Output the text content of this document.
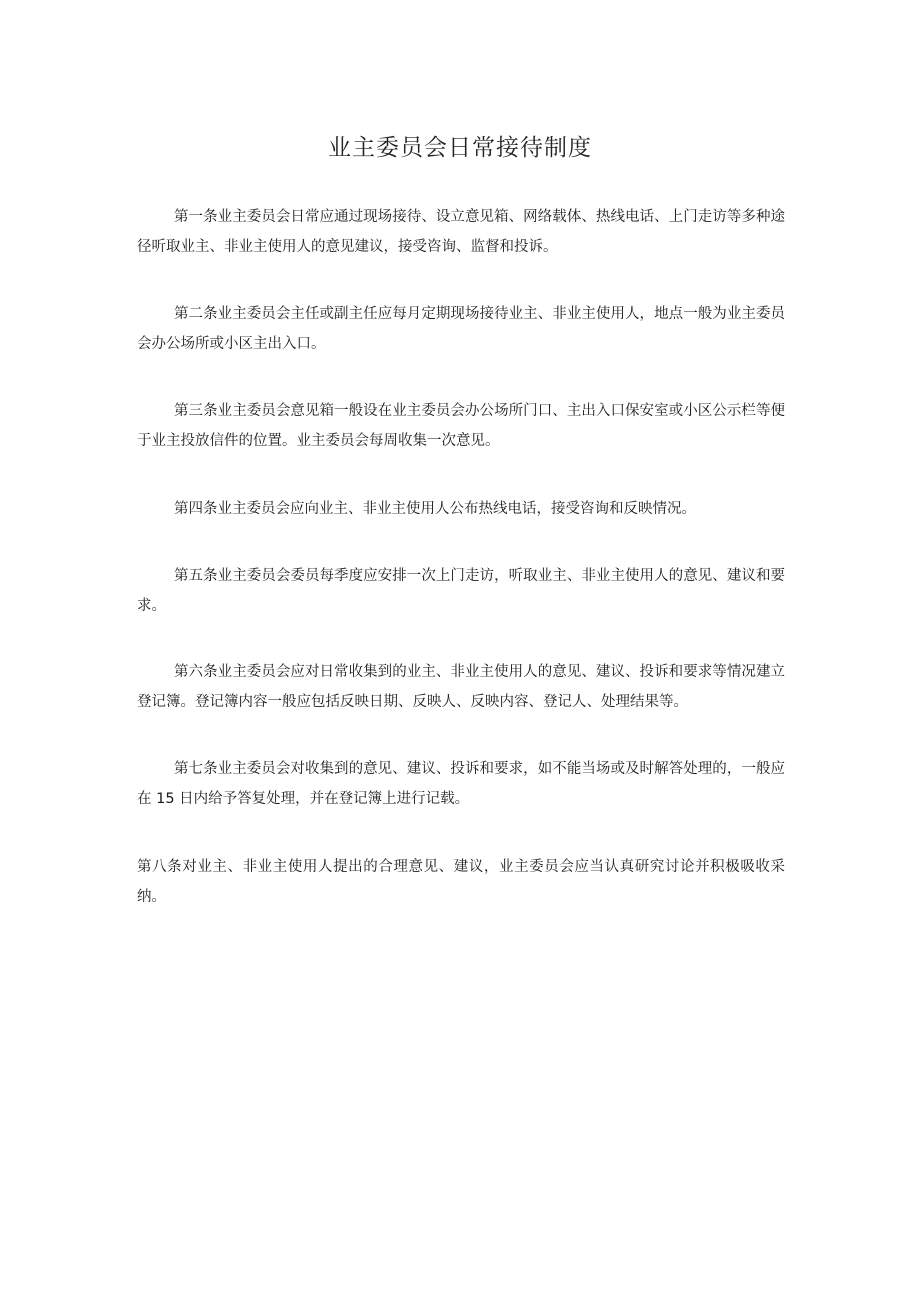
业主委员会日常接待制度

第一条业主委员会日常应通过现场接待、设立意见箱、网络载体、热线电话、上门走访等多种途径听取业主、非业主使用人的意见建议，接受咨询、监督和投诉。

第二条业主委员会主任或副主任应每月定期现场接待业主、非业主使用人，地点一般为业主委员会办公场所或小区主出入口。

第三条业主委员会意见箱一般设在业主委员会办公场所门口、主出入口保安室或小区公示栏等便于业主投放信件的位置。业主委员会每周收集一次意见。

第四条业主委员会应向业主、非业主使用人公布热线电话，接受咨询和反映情况。

第五条业主委员会委员每季度应安排一次上门走访，听取业主、非业主使用人的意见、建议和要求。

第六条业主委员会应对日常收集到的业主、非业主使用人的意见、建议、投诉和要求等情况建立登记簿。登记簿内容一般应包括反映日期、反映人、反映内容、登记人、处理结果等。

第七条业主委员会对收集到的意见、建议、投诉和要求，如不能当场或及时解答处理的，一般应在 15 日内给予答复处理，并在登记簿上进行记载。

第八条对业主、非业主使用人提出的合理意见、建议，业主委员会应当认真研究讨论并积极吸收采纳。
